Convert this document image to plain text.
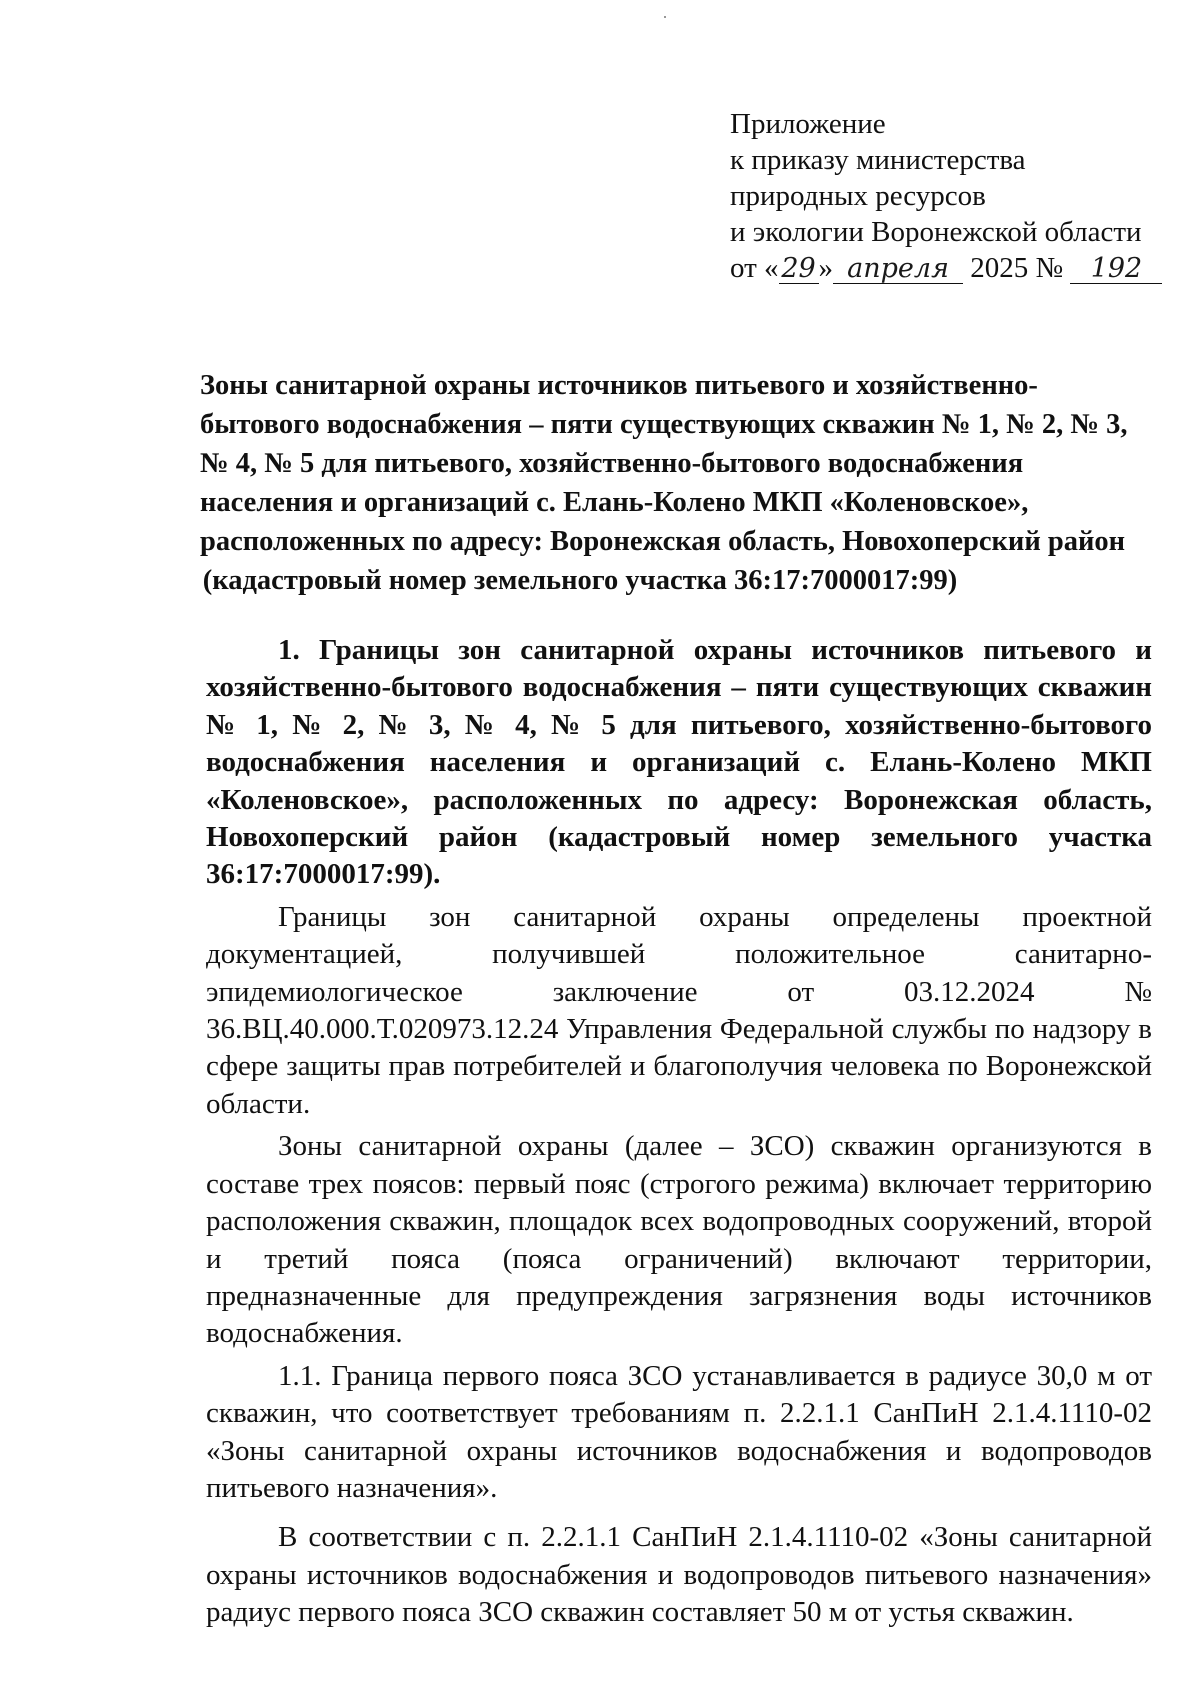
Приложение
к приказу министерства
природных ресурсов
и экологии Воронежской области
от « 29» апреля 2025 № 192
Зоны санитарной охраны источников питьевого и хозяйственно-
бытового водоснабжения – пяти существующих скважин № 1, № 2, № 3,
№ 4, № 5 для питьевого, хозяйственно-бытового водоснабжения
населения и организаций с. Елань-Колено МКП «Коленовское»,
расположенных по адресу: Воронежская область, Новохоперский район
(кадастровый номер земельного участка 36:17:7000017:99)

1. Границы зон санитарной охраны источников питьевого и хозяйственно-бытового водоснабжения – пяти существующих скважин № 1, № 2, № 3, № 4, № 5 для питьевого, хозяйственно-бытового водоснабжения населения и организаций с. Елань-Колено МКП «Коленовское», расположенных по адресу: Воронежская область, Новохоперский район (кадастровый номер земельного участка 36:17:7000017:99).

Границы зон санитарной охраны определены проектной документацией, получившей положительное санитарно-эпидемиологическое заключение от 03.12.2024 № 36.ВЦ.40.000.Т.020973.12.24 Управления Федеральной службы по надзору в сфере защиты прав потребителей и благополучия человека по Воронежской области.

Зоны санитарной охраны (далее – ЗСО) скважин организуются в составе трех поясов: первый пояс (строгого режима) включает территорию расположения скважин, площадок всех водопроводных сооружений, второй и третий пояса (пояса ограничений) включают территории, предназначенные для предупреждения загрязнения воды источников водоснабжения.

1.1. Граница первого пояса ЗСО устанавливается в радиусе 30,0 м от скважин, что соответствует требованиям п. 2.2.1.1 СанПиН 2.1.4.1110-02 «Зоны санитарной охраны источников водоснабжения и водопроводов питьевого назначения».

В соответствии с п. 2.2.1.1 СанПиН 2.1.4.1110-02 «Зоны санитарной охраны источников водоснабжения и водопроводов питьевого назначения» радиус первого пояса ЗСО скважин составляет 50 м от устья скважин.
